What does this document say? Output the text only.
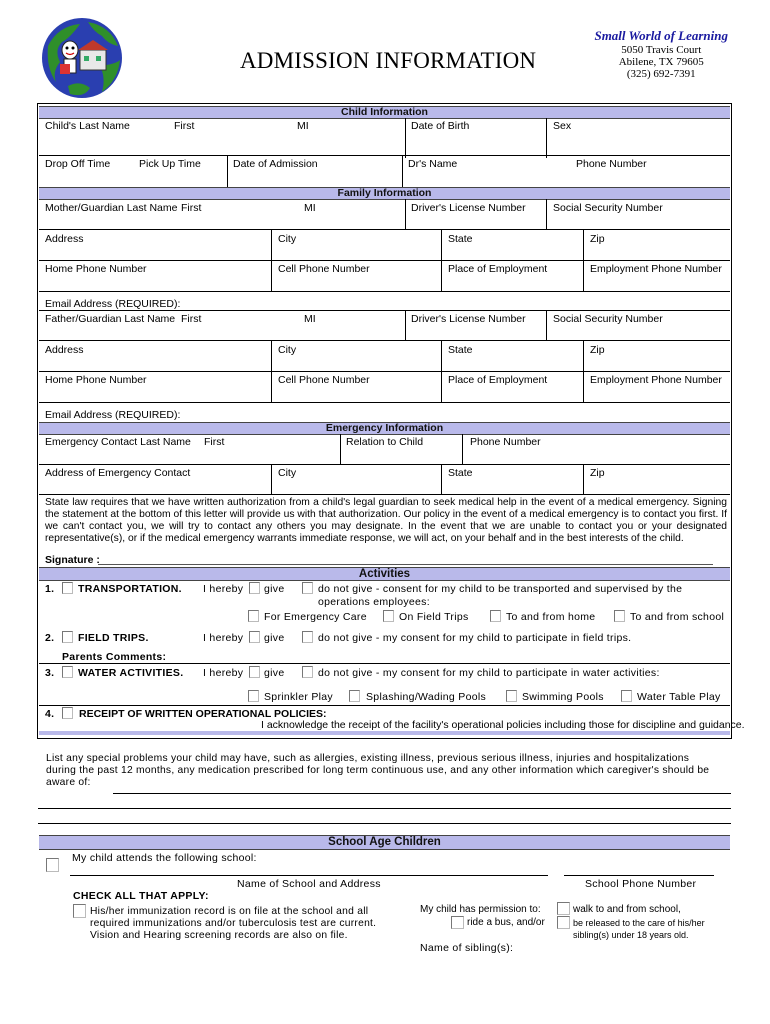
ADMISSION INFORMATION
Small World of Learning
5050 Travis Court
Abilene, TX 79605
(325) 692-7391
Child Information
Child's Last Name	First	MI	Date of Birth	Sex
Drop Off Time	Pick Up Time	Date of Admission	Dr's Name	Phone Number
Family Information
Mother/Guardian Last Name First	MI	Driver's License Number	Social Security Number
Address	City	State	Zip
Home Phone Number	Cell Phone Number	Place of Employment	Employment Phone Number
Email Address (REQUIRED):
Father/Guardian Last Name First	MI	Driver's License Number	Social Security Number
Address	City	State	Zip
Home Phone Number	Cell Phone Number	Place of Employment	Employment Phone Number
Email Address (REQUIRED):
Emergency Information
Emergency Contact Last Name First	Relation to Child	Phone Number
Address of Emergency Contact	City	State	Zip
State law requires that we have written authorization from a child's legal guardian to seek medical help in the event of a medical emergency. Signing the statement at the bottom of this letter will provide us with that authorization. Our policy in the event of a medical emergency is to contact you first. If we can't contact you, we will try to contact any others you may designate. In the event that we are unable to contact you or your designated representative(s), or if the medical emergency warrants immediate response, we will act, on your behalf and in the best interests of the child.
Signature :
Activities
1. TRANSPORTATION. I hereby give	do not give - consent for my child to be transported and supervised by the
operations employees:
For Emergency Care	On Field Trips	To and from home	To and from school
2. FIELD TRIPS.	I hereby give	do not give - my consent for my child to participate in field trips.
Parents Comments:
3. WATER ACTIVITIES. I hereby give	do not give - my consent for my child to participate in water activities:
Sprinkler Play	Splashing/Wading Pools	Swimming Pools	Water Table Play
4. RECEIPT OF WRITTEN OPERATIONAL POLICIES:
I acknowledge the receipt of the facility's operational policies including those for discipline and guidance.
List any special problems your child may have, such as allergies, existing illness, previous serious illness, injuries and hospitalizations during the past 12 months, any medication prescribed for long term continuous use, and any other information which caregiver's should be aware of:
School Age Children
My child attends the following school:
Name of School and Address	School Phone Number
CHECK ALL THAT APPLY:
His/her immunization record is on file at the school and all required immunizations and/or tuberculosis test are current. Vision and Hearing screening records are also on file.
My child has permission to:
ride a bus, and/or
walk to and from school,
be released to the care of his/her
sibling(s) under 18 years old.
Name of sibling(s):
